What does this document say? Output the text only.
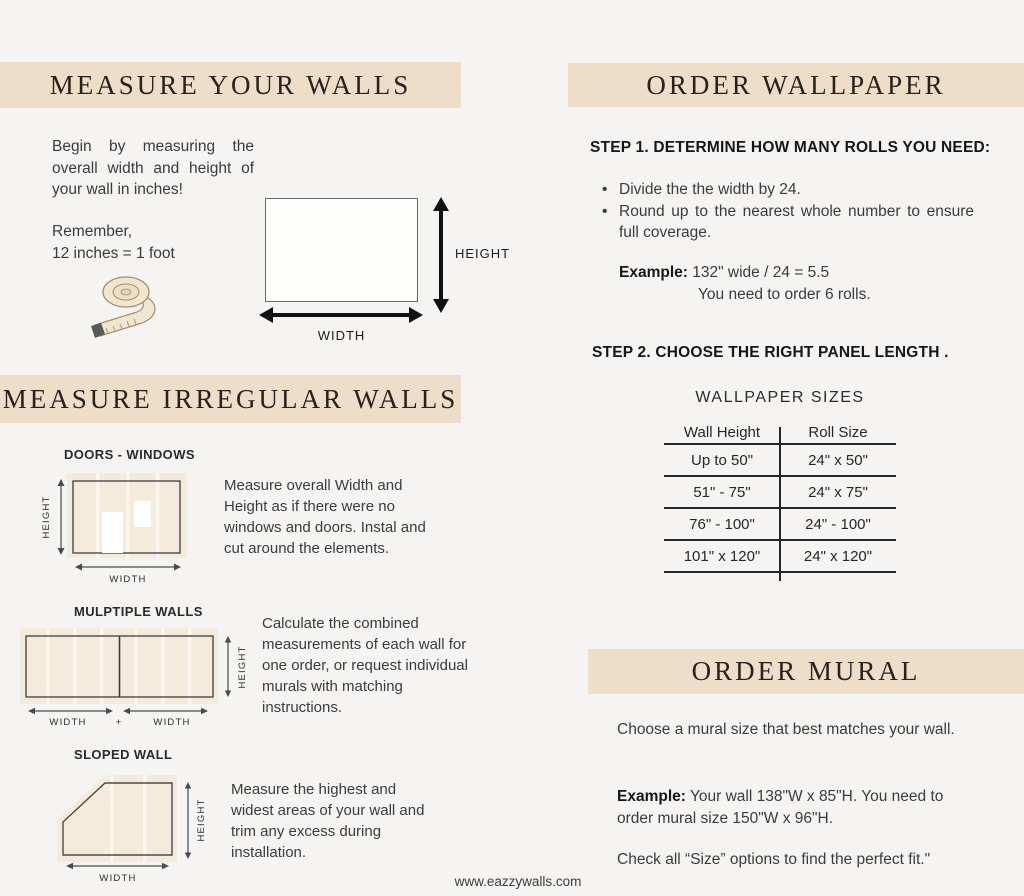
MEASURE YOUR WALLS
Begin by measuring the overall width and height of your wall in inches!
Remember,
12 inches = 1 foot	HEIGHT
WIDTH
MEASURE IRREGULAR WALLS
DOORS - WINDOWS
HEIGHT
WIDTH
Measure overall Width and Height as if there were no windows and doors. Instal and cut around the elements.
MULPTIPLE WALLS
HEIGHT
WIDTH	+	WIDTH
Calculate the combined measurements of each wall for one order, or request individual murals with matching instructions.
SLOPED WALL
HEIGHT
WIDTH
Measure the highest and widest areas of your wall and trim any excess during installation.
ORDER WALLPAPER
STEP 1. DETERMINE HOW MANY ROLLS YOU NEED:
• Divide the the width by 24.
• Round up to the nearest whole number to ensure full coverage.
Example: 132" wide / 24 = 5.5
You need to order 6 rolls.
STEP 2. CHOOSE THE RIGHT PANEL LENGTH .
WALLPAPER SIZES
Wall Height	Roll Size
Up to 50"	24" x 50"
51" - 75"	24" x 75"
76" - 100"	24" - 100"
101" x 120"	24" x 120"
ORDER MURAL
Choose a mural size that best matches your wall.
Example: Your wall 138"W x 85"H. You need to order mural size 150"W x 96"H.
Check all “Size” options to find the perfect fit."
www.eazzywalls.com
